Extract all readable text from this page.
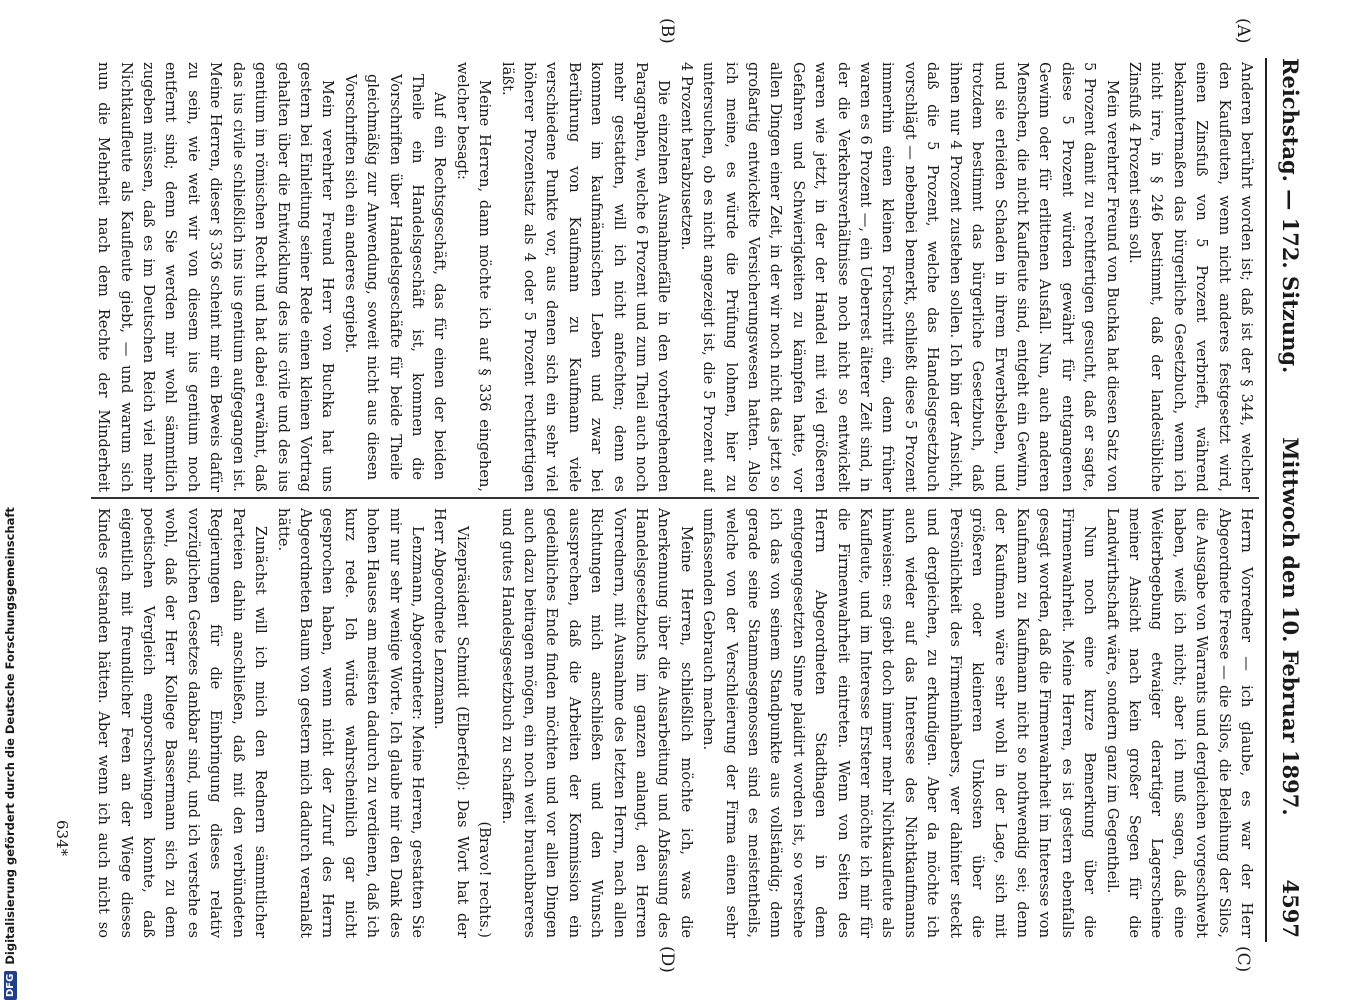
Reichstag. — 172. Sitzung.
Mittwoch den 10. Februar 1897.
4597
(A)
(B)
(C)
(D)

Anderen berührt worden ist; daß ist der § 344, welcher den Kaufleuten, wenn nicht anderes festgesetzt wird, einen Zinsfuß von 5 Prozent verbrieft, während bekanntermaßen das bürgerliche Gesetzbuch, wenn ich nicht irre, in § 246 bestimmt, daß der landesübliche Zinsfuß 4 Prozent sein soll.

Mein verehrter Freund von Buchka hat diesen Satz von 5 Prozent damit zu rechtfertigen gesucht, daß er sagte, diese 5 Prozent würden gewährt für entgangenen Gewinn oder für erlittenen Ausfall. Nun, auch anderen Menschen, die nicht Kaufleute sind, entgeht ein Gewinn, und sie erleiden Schaden in ihrem Erwerbsleben, und trotzdem bestimmt das bürgerliche Gesetzbuch, daß ihnen nur 4 Prozent zustehen sollen. Ich bin der Ansicht, daß die 5 Prozent, welche das Handelsgesetzbuch vorschlägt — nebenbei bemerkt, schließt diese 5 Prozent immerhin einen kleinen Fortschritt ein, denn früher waren es 6 Prozent —, ein Ueberrest älterer Zeit sind, in der die Verkehrsverhältnisse noch nicht so entwickelt waren wie jetzt, in der der Handel mit viel größeren Gefahren und Schwierigkeiten zu kämpfen hatte, vor allen Dingen einer Zeit, in der wir noch nicht das jetzt so großartig entwickelte Versicherungswesen hatten. Also ich meine, es würde die Prüfung lohnen, hier zu untersuchen, ob es nicht angezeigt ist, die 5 Prozent auf 4 Prozent herabzusetzen.

Die einzelnen Ausnahmefälle in den vorhergehenden Paragraphen, welche 6 Prozent und zum Theil auch noch mehr gestatten, will ich nicht anfechten; denn es kommen im kaufmännischen Leben und zwar bei Berührung von Kaufmann zu Kaufmann viele verschiedene Punkte vor, aus denen sich ein sehr viel höherer Prozentsatz als 4 oder 5 Prozent rechtfertigen läßt.

Meine Herren, dann möchte ich auf § 336 eingehen, welcher besagt:

Auf ein Rechtsgeschäft, das für einen der beiden Theile ein Handelsgeschäft ist, kommen die Vorschriften über Handelsgeschäfte für beide Theile gleichmäßig zur Anwendung, soweit nicht aus diesen Vorschriften sich ein anderes ergiebt.

Mein verehrter Freund Herr von Buchka hat uns gestern bei Einleitung seiner Rede einen kleinen Vortrag gehalten über die Entwicklung des ius civile und des ius gentium im römischen Recht und hat dabei erwähnt, daß das ius civile schließlich ins ius gentium aufgegangen ist. Meine Herren, dieser § 336 scheint mir ein Beweis dafür zu sein, wie weit wir von diesem ius gentium noch entfernt sind; denn Sie werden mir wohl sämmtlich zugeben müssen, daß es im Deutschen Reich viel mehr Nichtkaufleute als Kaufleute giebt, — und warum sich nun die Mehrheit nach dem Rechte der Minderheit

Herrn Vorredner — ich glaube, es war der Herr Abgeordnete Freese — die Silos, die Beleihung der Silos, die Ausgabe von Warrants und dergleichen vorgeschwebt haben, weiß ich nicht; aber ich muß sagen, daß eine Weiterbegebung etwaiger derartiger Lagerscheine meiner Ansicht nach kein großer Segen für die Landwirthschaft wäre, sondern ganz im Gegentheil.

Nun noch eine kurze Bemerkung über die Firmenwahrheit. Meine Herren, es ist gestern ebenfalls gesagt worden, daß die Firmenwahrheit im Interesse von Kaufmann zu Kaufmann nicht so nothwendig sei; denn der Kaufmann wäre sehr wohl in der Lage, sich mit größeren oder kleineren Unkosten über die Persönlichkeit des Firmeninhabers, wer dahinter steckt und dergleichen, zu erkundigen. Aber da möchte ich auch wieder auf das Interesse des Nichtkaufmanns hinweisen: es giebt doch immer mehr Nichtkaufleute als Kaufleute, und im Interesse Ersterer möchte ich mir für die Firmenwahrheit eintreten. Wenn von Seiten des Herrn Abgeordneten Stadthagen in dem entgegengesetzten Sinne plaidirt worden ist, so verstehe ich das von seinem Standpunkte aus vollständig; denn gerade seine Stammesgenossen sind es meistentheils, welche von der Verschleierung der Firma einen sehr umfassenden Gebrauch machen.

Meine Herren, schließlich möchte ich, was die Anerkennung über die Ausarbeitung und Abfassung des Handelsgesetzbuchs im ganzen anlangt, den Herren Vorrednern, mit Ausnahme des letzten Herrn, nach allen Richtungen mich anschließen und den Wunsch aussprechen, daß die Arbeiten der Kommission ein gedeihliches Ende finden möchten und vor allen Dingen auch dazu beitragen mögen, ein noch weit brauchbareres und gutes Handelsgesetzbuch zu schaffen.

(Bravo! rechts.)

Vizepräsident Schmidt (Elberfeld): Das Wort hat der Herr Abgeordnete Lenzmann.

Lenzmann, Abgeordneter: Meine Herren, gestatten Sie mir nur sehr wenige Worte. Ich glaube mir den Dank des hohen Hauses am meisten dadurch zu verdienen, daß ich kurz rede. Ich würde wahrscheinlich gar nicht gesprochen haben, wenn nicht der Zuruf des Herrn Abgeordneten Baum von gestern mich dadurch veranlaßt hätte.

Zunächst will ich mich den Rednern sämmtlicher Parteien dahin anschließen, daß mit den verbündeten Regierungen für die Einbringung dieses relativ vorzüglichen Gesetzes dankbar sind, und ich verstehe es wohl, daß der Herr Kollege Bassermann sich zu dem poetischen Vergleich emporschwingen konnte, daß eigentlich mit freundlicher Feen an der Wiege dieses Kindes gestanden hätten. Aber wenn ich auch nicht so

634*
DFG
Digitalisierung gefördert durch die Deutsche Forschungsgemeinschaft
